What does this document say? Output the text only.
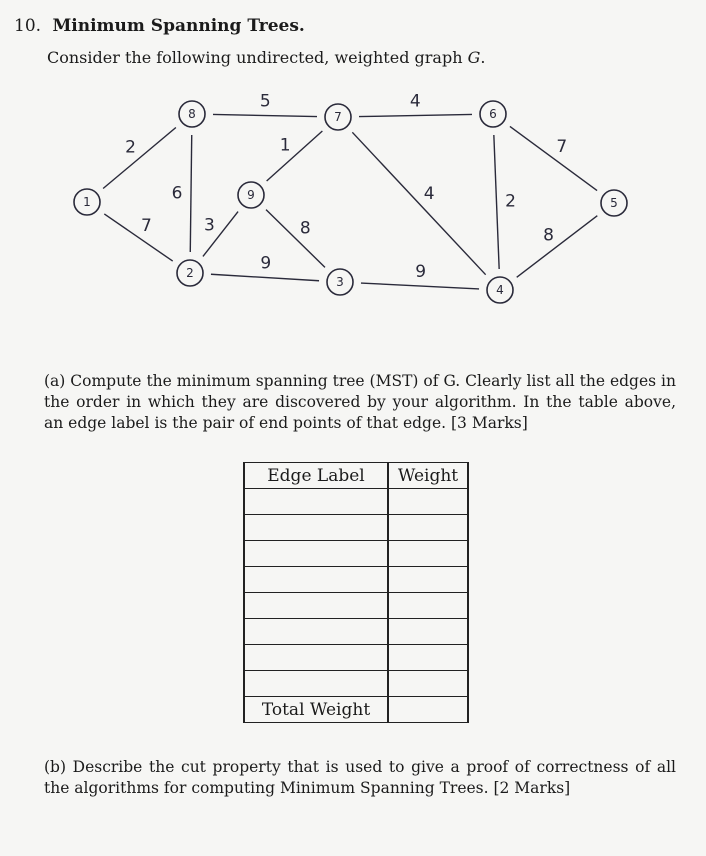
10. Minimum Spanning Trees.
Consider the following undirected, weighted graph G.
2
7
6
5	4
1
4
3	8
9	9
2
7
8
1
2
3
4
5
6
7
8
9
(a) Compute the minimum spanning tree (MST) of G. Clearly list all the edges in the order in which they are discovered by your algorithm. In the table above, an edge label is the pair of end points of that edge. [3 Marks]
Edge Label	Weight

Total Weight	
(b) Describe the cut property that is used to give a proof of correctness of all the algorithms for computing Minimum Spanning Trees. [2 Marks]
